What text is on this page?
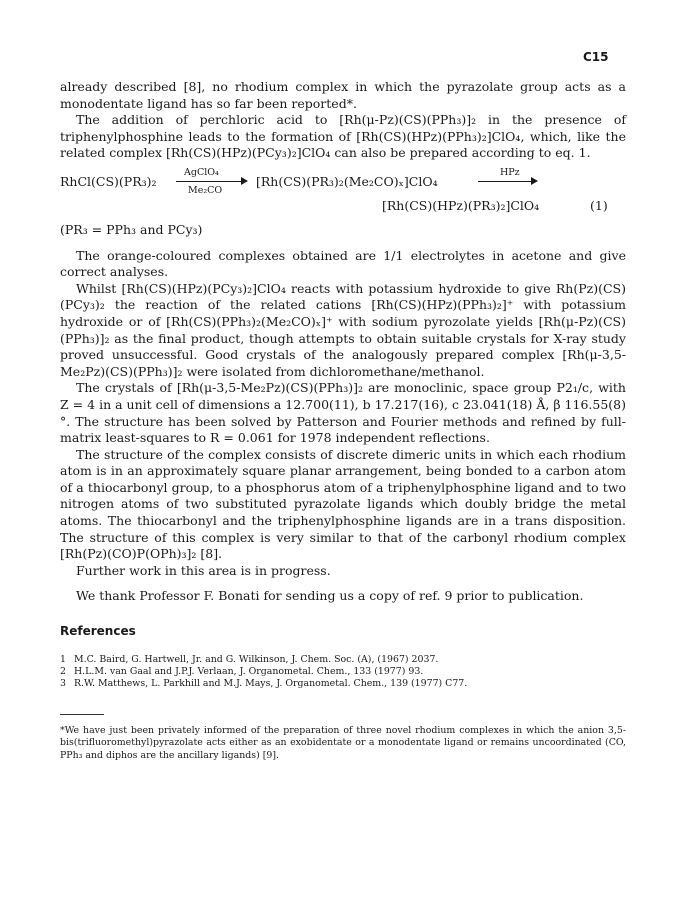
C15

already described [8], no rhodium complex in which the pyrazolate group acts as a monodentate ligand has so far been reported*.

The addition of perchloric acid to [Rh(μ-Pz)(CS)(PPh₃)]₂ in the presence of triphenylphosphine leads to the formation of [Rh(CS)(HPz)(PPh₃)₂]ClO₄, which, like the related complex [Rh(CS)(HPz)(PCy₃)₂]ClO₄ can also be prepared according to eq. 1.

RhCl(CS)(PR₃)₂
AgClO₄
Me₂CO
[Rh(CS)(PR₃)₂(Me₂CO)ₓ]ClO₄
HPz
[Rh(CS)(HPz)(PR₃)₂]ClO₄	(1)

(PR₃ = PPh₃ and PCy₃)

The orange-coloured complexes obtained are 1/1 electrolytes in acetone and give correct analyses.

Whilst [Rh(CS)(HPz)(PCy₃)₂]ClO₄ reacts with potassium hydroxide to give Rh(Pz)(CS)(PCy₃)₂ the reaction of the related cations [Rh(CS)(HPz)(PPh₃)₂]⁺ with potassium hydroxide or of [Rh(CS)(PPh₃)₂(Me₂CO)ₓ]⁺ with sodium pyrozolate yields [Rh(μ-Pz)(CS)(PPh₃)]₂ as the final product, though attempts to obtain suitable crystals for X-ray study proved unsuccessful. Good crystals of the analogously prepared complex [Rh(μ-3,5-Me₂Pz)(CS)(PPh₃)]₂ were isolated from dichloromethane/methanol.

The crystals of [Rh(μ-3,5-Me₂Pz)(CS)(PPh₃)]₂ are monoclinic, space group P2₁/c, with Z = 4 in a unit cell of dimensions a 12.700(11), b 17.217(16), c 23.041(18) Å, β 116.55(8)°. The structure has been solved by Patterson and Fourier methods and refined by full-matrix least-squares to R = 0.061 for 1978 independent reflections.

The structure of the complex consists of discrete dimeric units in which each rhodium atom is in an approximately square planar arrangement, being bonded to a carbon atom of a thiocarbonyl group, to a phosphorus atom of a triphenylphosphine ligand and to two nitrogen atoms of two substituted pyrazolate ligands which doubly bridge the metal atoms. The thiocarbonyl and the triphenylphosphine ligands are in a trans disposition. The structure of this complex is very similar to that of the carbonyl rhodium complex [Rh(Pz)(CO)P(OPh)₃]₂ [8].

Further work in this area is in progress.

We thank Professor F. Bonati for sending us a copy of ref. 9 prior to publication.

References
1 M.C. Baird, G. Hartwell, Jr. and G. Wilkinson, J. Chem. Soc. (A), (1967) 2037.
2 H.L.M. van Gaal and J.P.J. Verlaan, J. Organometal. Chem., 133 (1977) 93.
3 R.W. Matthews, L. Parkhill and M.J. Mays, J. Organometal. Chem., 139 (1977) C77.

*We have just been privately informed of the preparation of three novel rhodium complexes in which the anion 3,5-bis(trifluoromethyl)pyrazolate acts either as an exobidentate or a monodentate ligand or remains uncoordinated (CO, PPh₃ and diphos are the ancillary ligands) [9].
